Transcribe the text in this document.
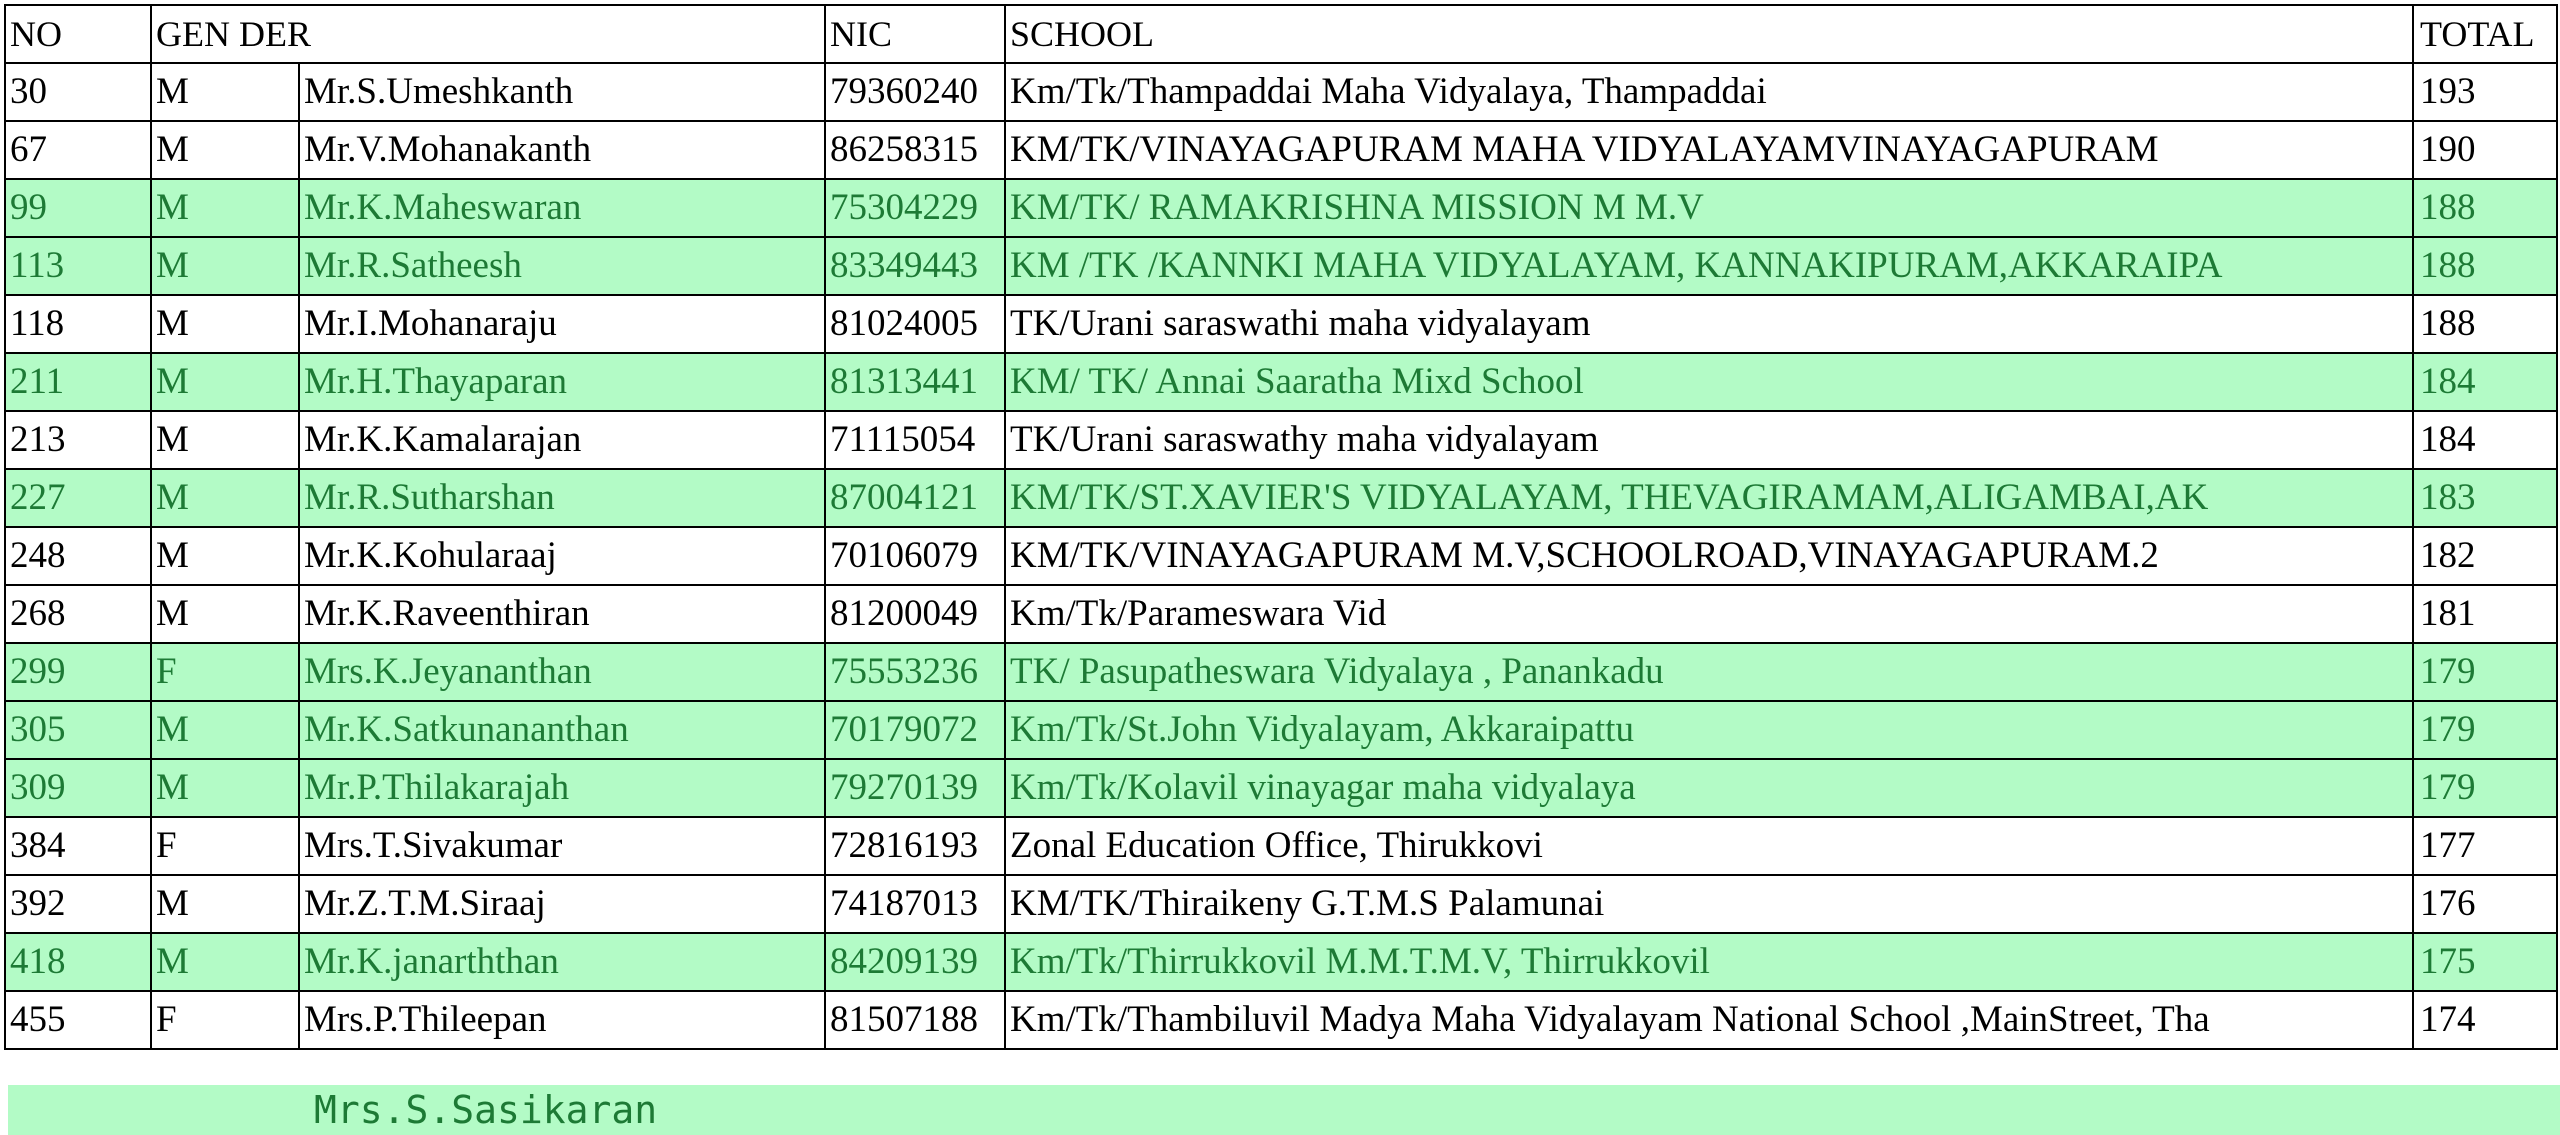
NO	GEN DER		NIC	SCHOOL	TOTAL
30	M	Mr.S.Umeshkanth	79360240	Km/Tk/Thampaddai Maha Vidyalaya, Thampaddai	193
67	M	Mr.V.Mohanakanth	86258315	KM/TK/VINAYAGAPURAM MAHA VIDYALAYAMVINAYAGAPURAM	190
99	M	Mr.K.Maheswaran	75304229	KM/TK/ RAMAKRISHNA MISSION M M.V	188
113	M	Mr.R.Satheesh	83349443	KM /TK /KANNKI MAHA VIDYALAYAM, KANNAKIPURAM,AKKARAIPA	188
118	M	Mr.I.Mohanaraju	81024005	TK/Urani saraswathi maha vidyalayam	188
211	M	Mr.H.Thayaparan	81313441	KM/ TK/ Annai Saaratha Mixd School	184
213	M	Mr.K.Kamalarajan	71115054	TK/Urani saraswathy maha vidyalayam	184
227	M	Mr.R.Sutharshan	87004121	KM/TK/ST.XAVIER'S VIDYALAYAM, THEVAGIRAMAM,ALIGAMBAI,AK	183
248	M	Mr.K.Kohularaaj	70106079	KM/TK/VINAYAGAPURAM M.V,SCHOOLROAD,VINAYAGAPURAM.2	182
268	M	Mr.K.Raveenthiran	81200049	Km/Tk/Parameswara Vid	181
299	F	Mrs.K.Jeyananthan	75553236	TK/ Pasupatheswara Vidyalaya , Panankadu	179
305	M	Mr.K.Satkunananthan	70179072	Km/Tk/St.John Vidyalayam, Akkaraipattu	179
309	M	Mr.P.Thilakarajah	79270139	Km/Tk/Kolavil vinayagar maha vidyalaya	179
384	F	Mrs.T.Sivakumar	72816193	Zonal Education Office, Thirukkovi	177
392	M	Mr.Z.T.M.Siraaj	74187013	KM/TK/Thiraikeny G.T.M.S Palamunai	176
418	M	Mr.K.janarththan	84209139	Km/Tk/Thirrukkovil M.M.T.M.V, Thirrukkovil	175
455	F	Mrs.P.Thileepan	81507188	Km/Tk/Thambiluvil Madya Maha Vidyalayam National School ,MainStreet, Tha	174
Mrs.S.Sasikaran
